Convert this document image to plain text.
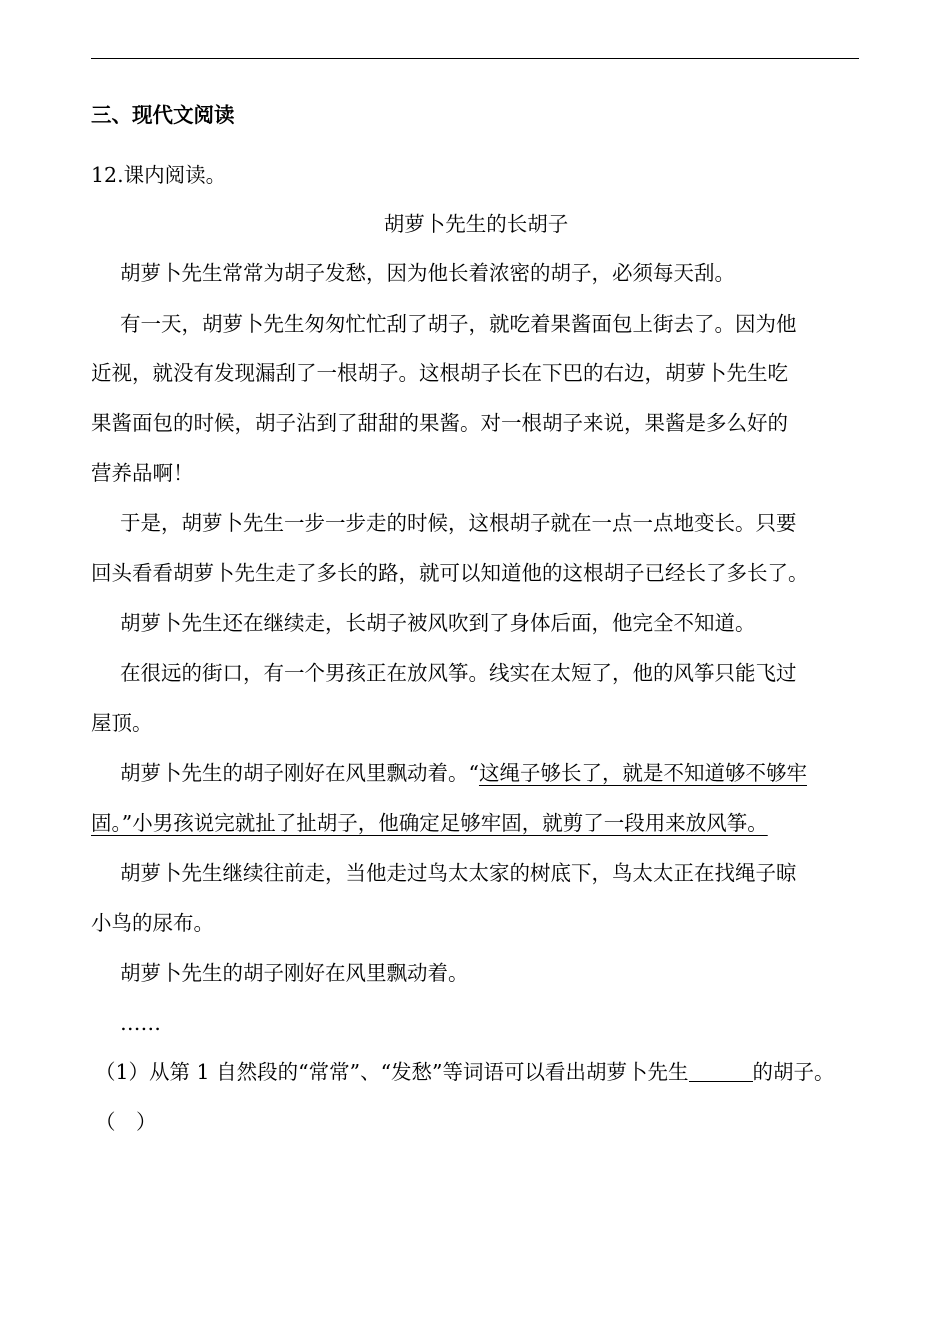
三、现代文阅读
12.课内阅读。
胡萝卜先生的长胡子
胡萝卜先生常常为胡子发愁，因为他长着浓密的胡子，必须每天刮。
有一天，胡萝卜先生匆匆忙忙刮了胡子，就吃着果酱面包上街去了。因为他
近视，就没有发现漏刮了一根胡子。这根胡子长在下巴的右边，胡萝卜先生吃
果酱面包的时候，胡子沾到了甜甜的果酱。对一根胡子来说，果酱是多么好的
营养品啊！
于是，胡萝卜先生一步一步走的时候，这根胡子就在一点一点地变长。只要
回头看看胡萝卜先生走了多长的路，就可以知道他的这根胡子已经长了多长了。
胡萝卜先生还在继续走，长胡子被风吹到了身体后面，他完全不知道。
在很远的街口，有一个男孩正在放风筝。线实在太短了，他的风筝只能飞过
屋顶。
胡萝卜先生的胡子刚好在风里飘动着。“这绳子够长了，就是不知道够不够牢
固。”小男孩说完就扯了扯胡子，他确定足够牢固，就剪了一段用来放风筝。
胡萝卜先生继续往前走，当他走过鸟太太家的树底下，鸟太太正在找绳子晾
小鸟的尿布。
胡萝卜先生的胡子刚好在风里飘动着。
……
（1）从第 1 自然段的“常常”、“发愁”等词语可以看出胡萝卜先生	的胡子。
（　）
